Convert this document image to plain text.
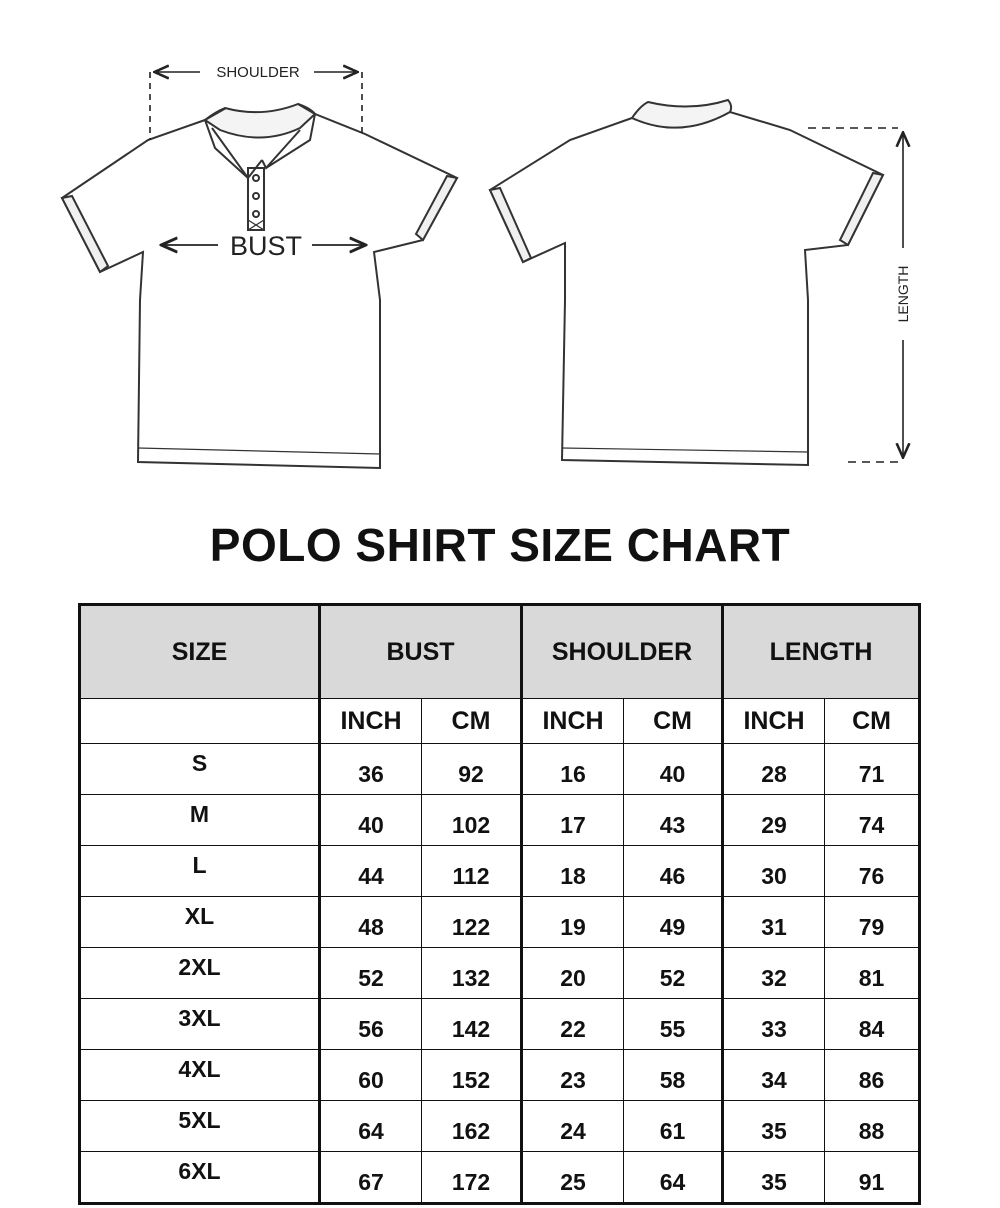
SHOULDER
BUST
LENGTH
POLO SHIRT SIZE CHART
SIZE	BUST		SHOULDER		LENGTH	
	INCH	CM	INCH	CM	INCH	CM
S	36	92	16	40	28	71
M	40	102	17	43	29	74
L	44	112	18	46	30	76
XL	48	122	19	49	31	79
2XL	52	132	20	52	32	81
3XL	56	142	22	55	33	84
4XL	60	152	23	58	34	86
5XL	64	162	24	61	35	88
6XL	67	172	25	64	35	91
